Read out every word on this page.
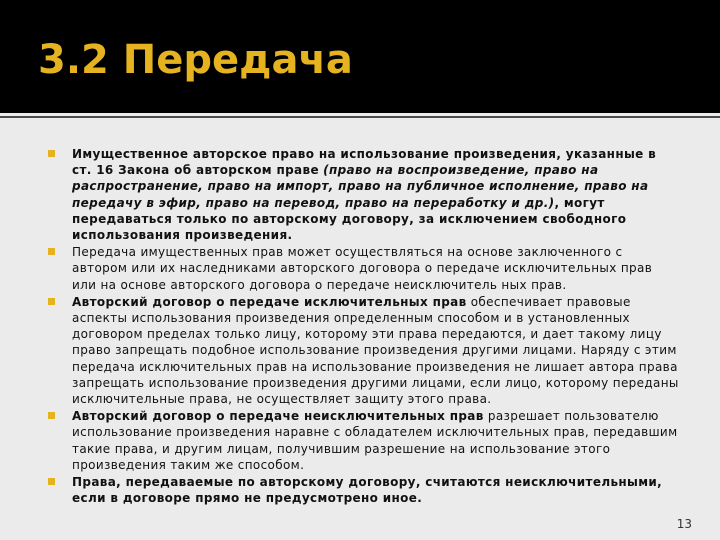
3.2 Передача
Имущественное авторское право на использование произведения, указанные в ст. 16 Закона об авторском праве (право на воспроизведение, право на распространение, право на импорт, право на публичное исполнение, право на передачу в эфир, право на перевод, право на переработку и др.), могут передаваться только по авторскому договору, за исключением свободного использования произведения.
Передача имущественных прав может осуществляться на основе заключенного с автором или их наследниками авторского договора о передаче исключительных прав или на основе авторского договора о передаче неисключитель ных прав.
Авторский договор о передаче исключительных прав обеспечивает правовые аспекты использования произведения определенным способом и в установленных договором пределах только лицу, которому эти права передаются, и дает такому лицу право запрещать подобное использование произведения другими лицами. Наряду с этим передача исключительных прав на использование произведения не лишает автора права запрещать использование произведения другими лицами, если лицо, которому переданы исключительные права, не осуществляет защиту этого права.
Авторский договор о передаче неисключительных прав разрешает пользователю использование произведения наравне с обладателем исключительных прав, передавшим такие права, и другим лицам, получившим разрешение на использование этого произведения таким же способом.
Права, передаваемые по авторскому договору, считаются неисключительными, если в договоре прямо не предусмотрено иное.
13
